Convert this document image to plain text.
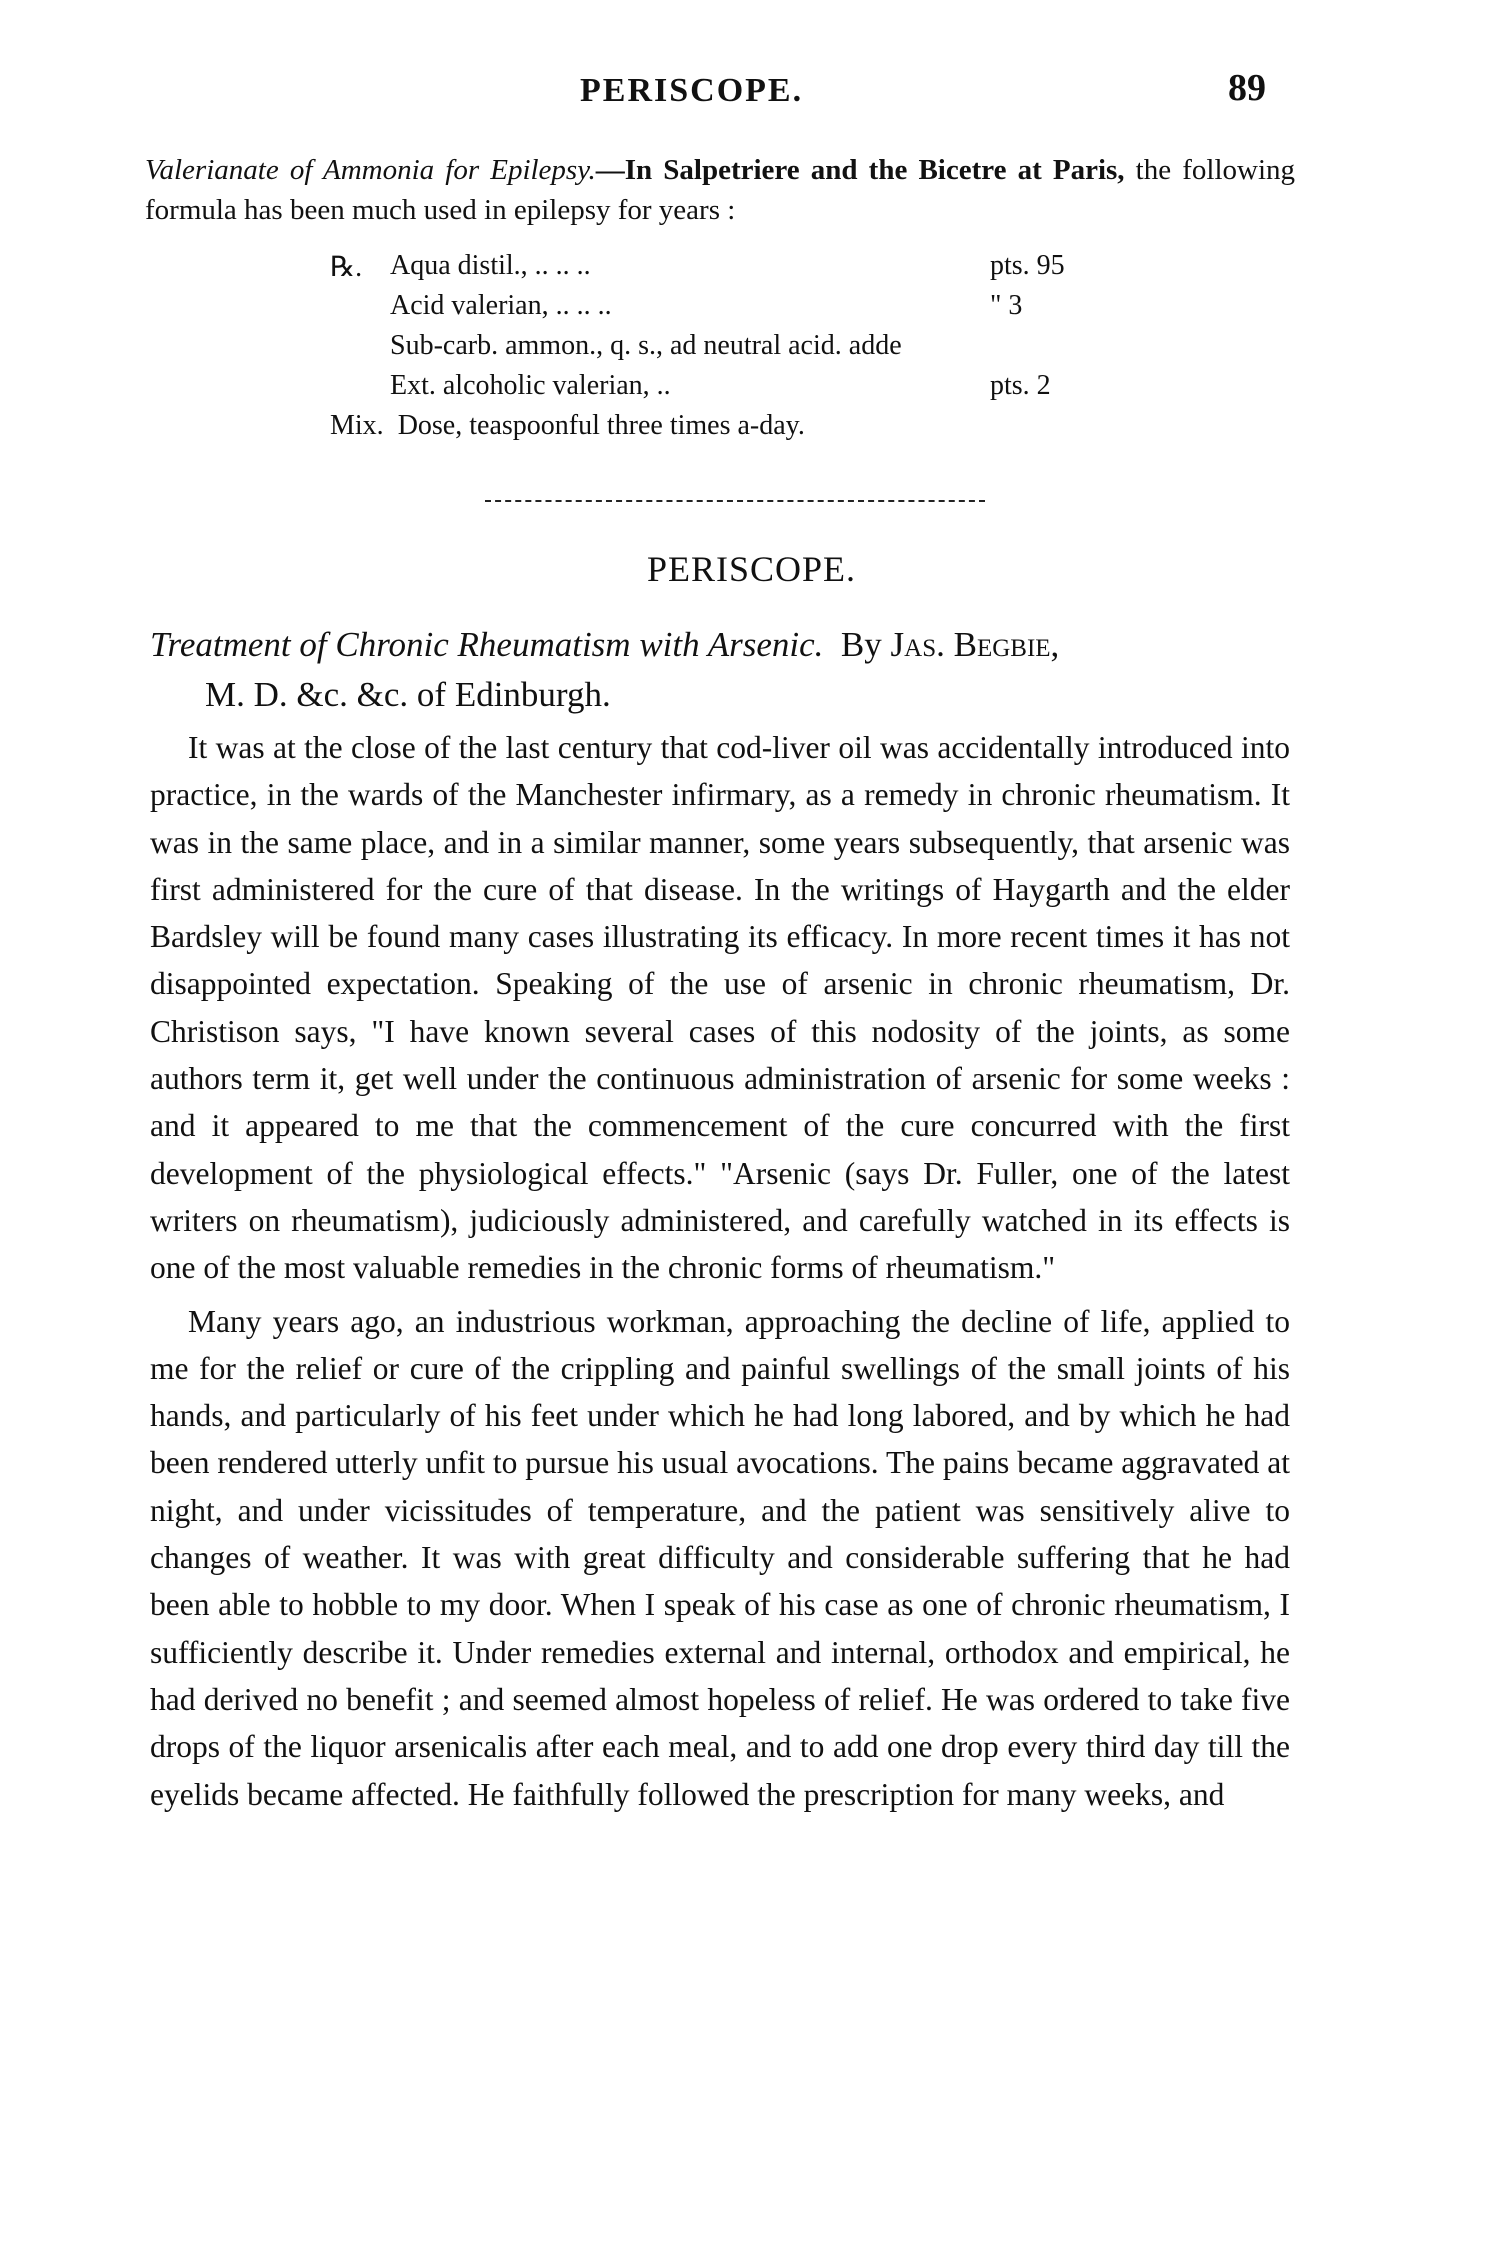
PERISCOPE.	89
Valerianate of Ammonia for Epilepsy.—In Salpetriere and the Bicetre at Paris, the following formula has been much used in epilepsy for years :
℞. Aqua distil., .. .. ..	pts. 95
Acid valerian, .. .. ..	" 3
Sub-carb. ammon., q. s., ad neutral acid. adde
Ext. alcoholic valerian, ..	pts. 2
Mix. Dose, teaspoonful three times a-day.
PERISCOPE.
Treatment of Chronic Rheumatism with Arsenic. By Jas. Begbie,
M. D. &c. &c. of Edinburgh.

It was at the close of the last century that cod-liver oil was accidentally introduced into practice, in the wards of the Manchester infirmary, as a remedy in chronic rheumatism. It was in the same place, and in a similar manner, some years subsequently, that arsenic was first administered for the cure of that disease. In the writings of Haygarth and the elder Bardsley will be found many cases illustrating its efficacy. In more recent times it has not disappointed expectation. Speaking of the use of arsenic in chronic rheumatism, Dr. Christison says, "I have known several cases of this nodosity of the joints, as some authors term it, get well under the continuous administration of arsenic for some weeks : and it appeared to me that the commencement of the cure concurred with the first development of the physiological effects." "Arsenic (says Dr. Fuller, one of the latest writers on rheumatism), judiciously administered, and carefully watched in its effects is one of the most valuable remedies in the chronic forms of rheumatism."

Many years ago, an industrious workman, approaching the decline of life, applied to me for the relief or cure of the crippling and painful swellings of the small joints of his hands, and particularly of his feet under which he had long labored, and by which he had been rendered utterly unfit to pursue his usual avocations. The pains became aggravated at night, and under vicissitudes of temperature, and the patient was sensitively alive to changes of weather. It was with great difficulty and considerable suffering that he had been able to hobble to my door. When I speak of his case as one of chronic rheumatism, I sufficiently describe it. Under remedies external and internal, orthodox and empirical, he had derived no benefit ; and seemed almost hopeless of relief. He was ordered to take five drops of the liquor arsenicalis after each meal, and to add one drop every third day till the eyelids became affected. He faithfully followed the prescription for many weeks, and
